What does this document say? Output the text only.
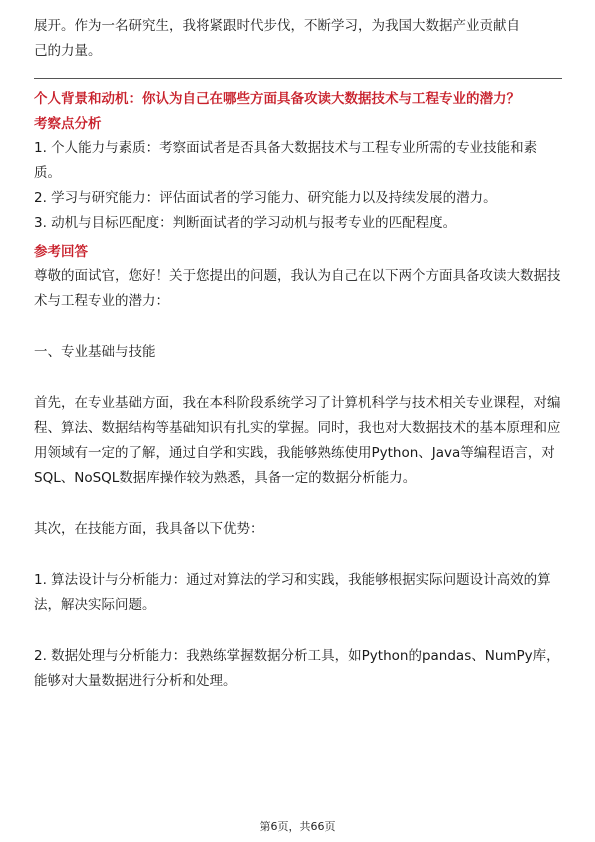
展开。作为一名研究生，我将紧跟时代步伐，不断学习，为我国大数据产业贡献自

己的力量。

个人背景和动机：你认为自己在哪些方面具备攻读大数据技术与工程专业的潜力？

考察点分析

1. 个人能力与素质：考察面试者是否具备大数据技术与工程专业所需的专业技能和素质。

2. 学习与研究能力：评估面试者的学习能力、研究能力以及持续发展的潜力。

3. 动机与目标匹配度：判断面试者的学习动机与报考专业的匹配程度。

参考回答

尊敬的面试官，您好！关于您提出的问题，我认为自己在以下两个方面具备攻读大数据技术与工程专业的潜力：

一、专业基础与技能

首先，在专业基础方面，我在本科阶段系统学习了计算机科学与技术相关专业课程，对编程、算法、数据结构等基础知识有扎实的掌握。同时，我也对大数据技术的基本原理和应用领域有一定的了解，通过自学和实践，我能够熟练使用Python、Java等编程语言，对SQL、NoSQL数据库操作较为熟悉，具备一定的数据分析能力。

其次，在技能方面，我具备以下优势：

1. 算法设计与分析能力：通过对算法的学习和实践，我能够根据实际问题设计高效的算法，解决实际问题。

2. 数据处理与分析能力：我熟练掌握数据分析工具，如Python的pandas、NumPy库，能够对大量数据进行分析和处理。

第6页，共66页
